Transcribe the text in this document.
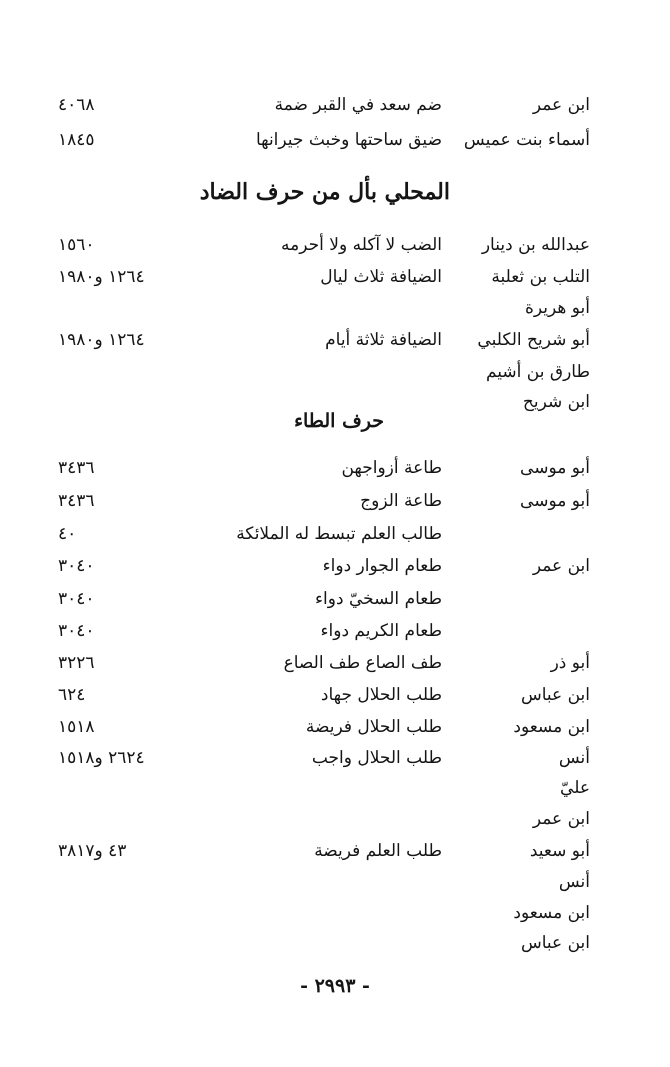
ابن عمر
ضم سعد في القبر ضمة
٤٠٦٨
أسماء بنت عميس
ضيق ساحتها وخبث جيرانها
١٨٤٥
المحلي بأل من حرف الضاد
عبدالله بن دينار
الضب لا آكله ولا أحرمه
١٥٦٠
التلب بن ثعلبة
الضيافة ثلاث ليال
١٢٦٤ و١٩٨٠
أبو هريرة
أبو شريح الكلبي
الضيافة ثلاثة أيام
١٢٦٤ و١٩٨٠
طارق بن أشيم
ابن شريح
حرف الطاء
أبو موسى
طاعة أزواجهن
٣٤٣٦
أبو موسى
طاعة الزوج
٣٤٣٦
طالب العلم تبسط له الملائكة
٤٠
ابن عمر
طعام الجوار دواء
٣٠٤٠
طعام السخيّ دواء
٣٠٤٠
طعام الكريم دواء
٣٠٤٠
أبو ذر
طف الصاع طف الصاع
٣٢٢٦
ابن عباس
طلب الحلال جهاد
٦٢٤
ابن مسعود
طلب الحلال فريضة
١٥١٨
أنس
طلب الحلال واجب
٢٦٢٤ و١٥١٨
عليّ
ابن عمر
أبو سعيد
طلب العلم فريضة
٤٣ و٣٨١٧
أنس
ابن مسعود
ابن عباس
- ٢٩٩٣ -
